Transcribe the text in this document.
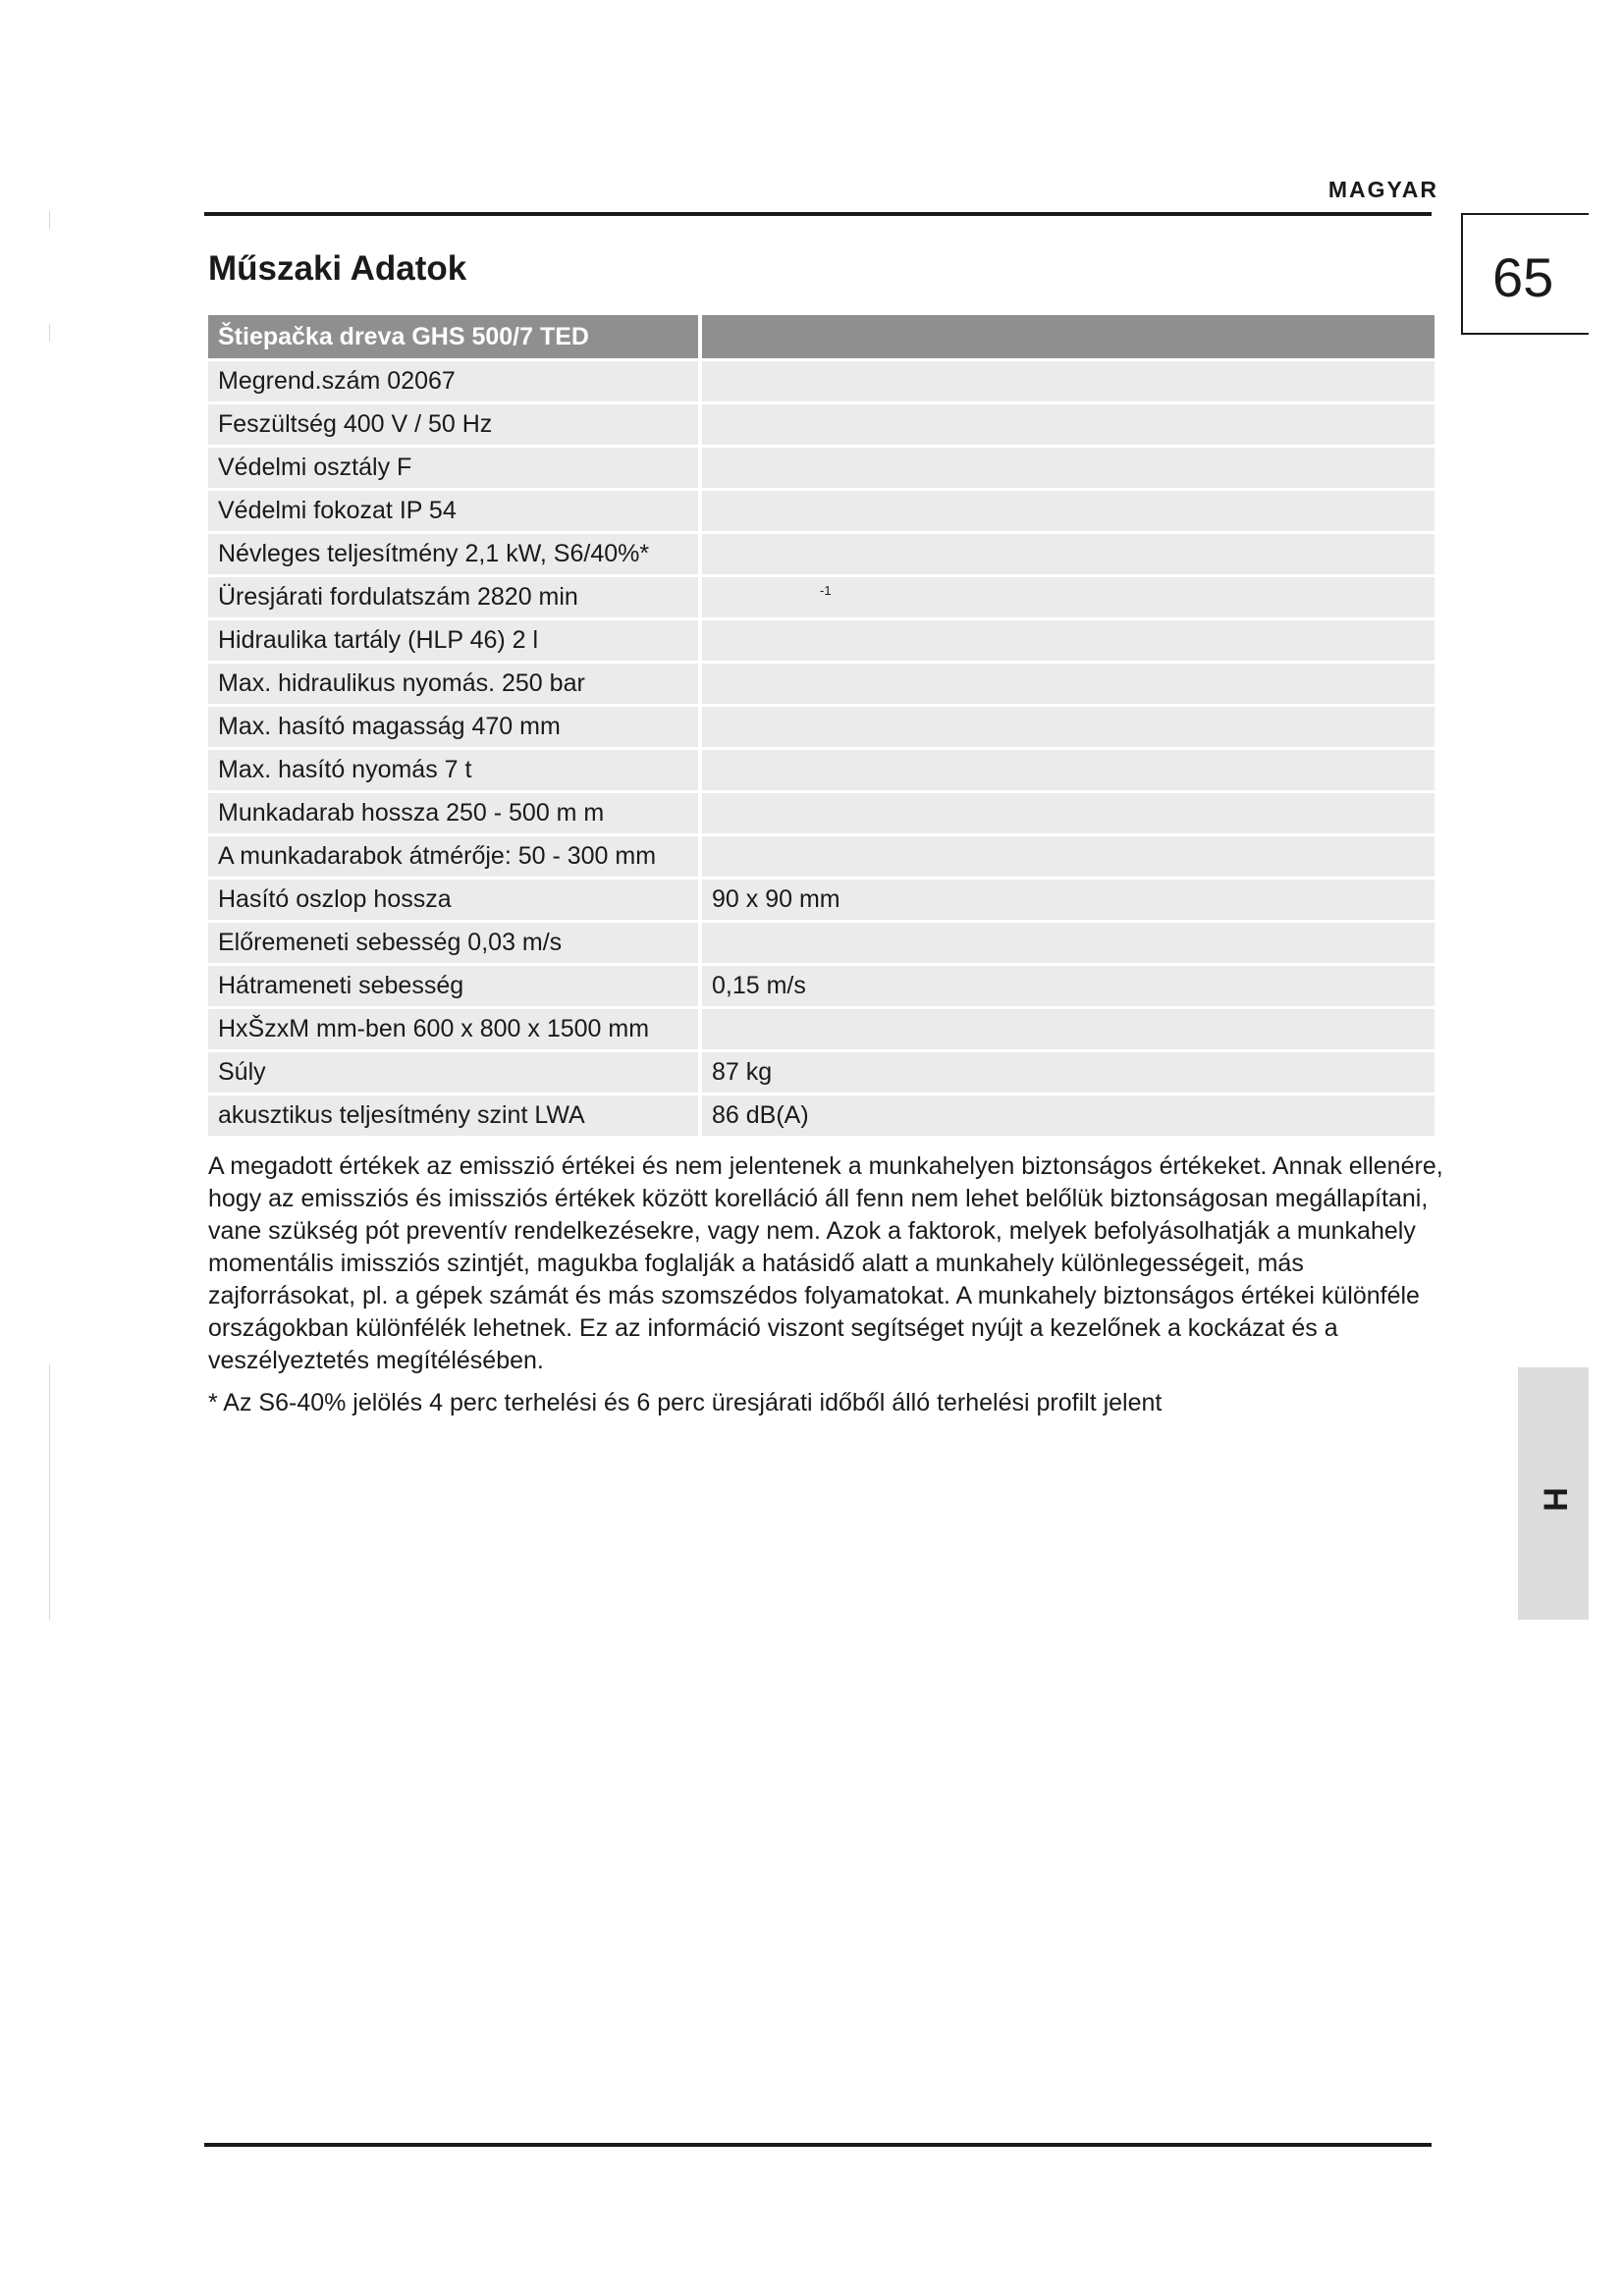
MAGYAR
65
Műszaki Adatok
Štiepačka dreva GHS 500/7 TED	
Megrend.szám 02067	
Feszültség 400 V / 50 Hz	
Védelmi osztály F	
Védelmi fokozat IP 54	
Névleges teljesítmény 2,1 kW, S6/40%*	
Üresjárati fordulatszám 2820 min	$^{-1}$
Hidraulika tartály (HLP 46) 2 l	
Max. hidraulikus nyomás. 250 bar	
Max. hasító magasság 470 mm	
Max. hasító nyomás 7 t	
Munkadarab hossza 250 - 500 m m	
A munkadarabok átmérője: 50 - 300 mm	
Hasító oszlop hossza	90 x 90 mm
Előremeneti sebesség 0,03 m/s	
Hátrameneti sebesség	0,15 m/s
HxŠzxM mm-ben 600 x 800 x 1500 mm	
Súly	87 kg
akusztikus teljesítmény szint LWA	86 dB(A)

A megadott értékek az emisszió értékei és nem jelentenek a munkahelyen biztonságos értékeket. Annak ellenére, hogy az emissziós és imissziós értékek között korelláció áll fenn nem lehet belőlük biztonságosan megállapítani, vane szükség pót preventív rendelkezésekre, vagy nem. Azok a faktorok, melyek befolyásolhatják a munkahely momentális imissziós szintjét, magukba foglalják a hatásidő alatt a munkahely különlegességeit, más zajforrásokat, pl. a gépek számát és más szomszédos folyamatokat. A munkahely biztonságos értékei különféle országokban különfélék lehetnek. Ez az információ viszont segítséget nyújt a kezelőnek a kockázat és a veszélyeztetés megítélésében.

* Az S6-40% jelölés 4 perc terhelési és 6 perc üresjárati időből álló terhelési profilt jelent

H
